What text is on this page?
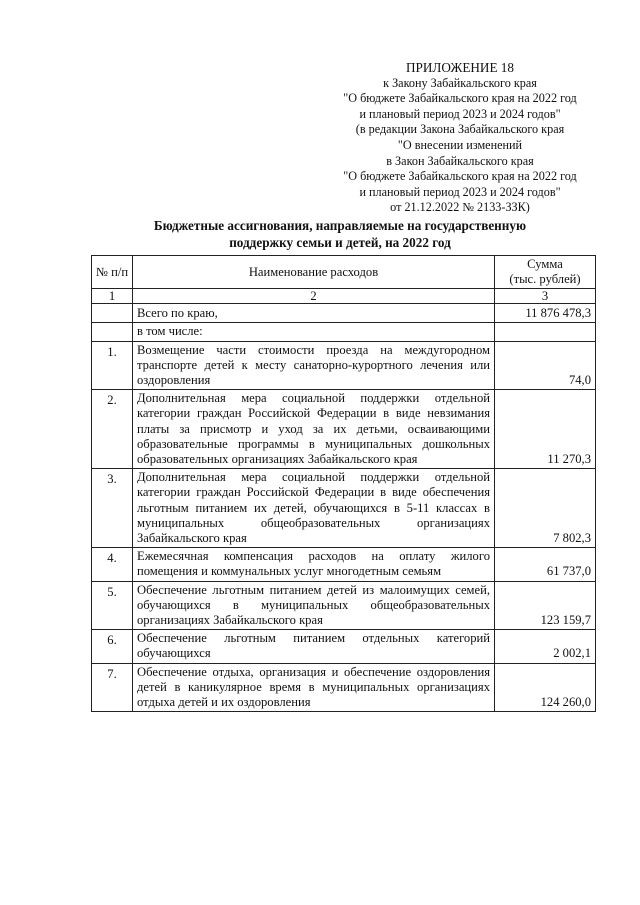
ПРИЛОЖЕНИЕ 18
к Закону Забайкальского края
"О бюджете Забайкальского края на 2022 год
и плановый период 2023 и 2024 годов"
(в редакции Закона Забайкальского края
"О внесении изменений
в Закон Забайкальского края
"О бюджете Забайкальского края на 2022 год
и плановый период 2023 и 2024 годов"
от 21.12.2022 № 2133-ЗЗК)
Бюджетные ассигнования, направляемые на государственную
поддержку семьи и детей, на 2022 год
№ п/п	Наименование расходов	Сумма
(тыс. рублей)

1	2	3
	Всего по краю,	11 876 478,3
	в том числе:	
1.	Возмещение части стоимости проезда на междугородном транспорте детей к месту санаторно-курортного лечения или оздоровления	74,0
2.	Дополнительная мера социальной поддержки отдельной категории граждан Российской Федерации в виде невзимания платы за присмотр и уход за их детьми, осваивающими образовательные программы в муниципальных дошкольных образовательных организациях Забайкальского края	11 270,3
3.	Дополнительная мера социальной поддержки отдельной категории граждан Российской Федерации в виде обеспечения льготным питанием их детей, обучающихся в 5-11 классах в муниципальных общеобразовательных организациях Забайкальского края	7 802,3
4.	Ежемесячная компенсация расходов на оплату жилого помещения и коммунальных услуг многодетным семьям	61 737,0
5.	Обеспечение льготным питанием детей из малоимущих семей, обучающихся в муниципальных общеобразовательных организациях Забайкальского края	123 159,7
6.	Обеспечение льготным питанием отдельных категорий обучающихся	2 002,1
7.	Обеспечение отдыха, организация и обеспечение оздоровления детей в каникулярное время в муниципальных организациях отдыха детей и их оздоровления	124 260,0
